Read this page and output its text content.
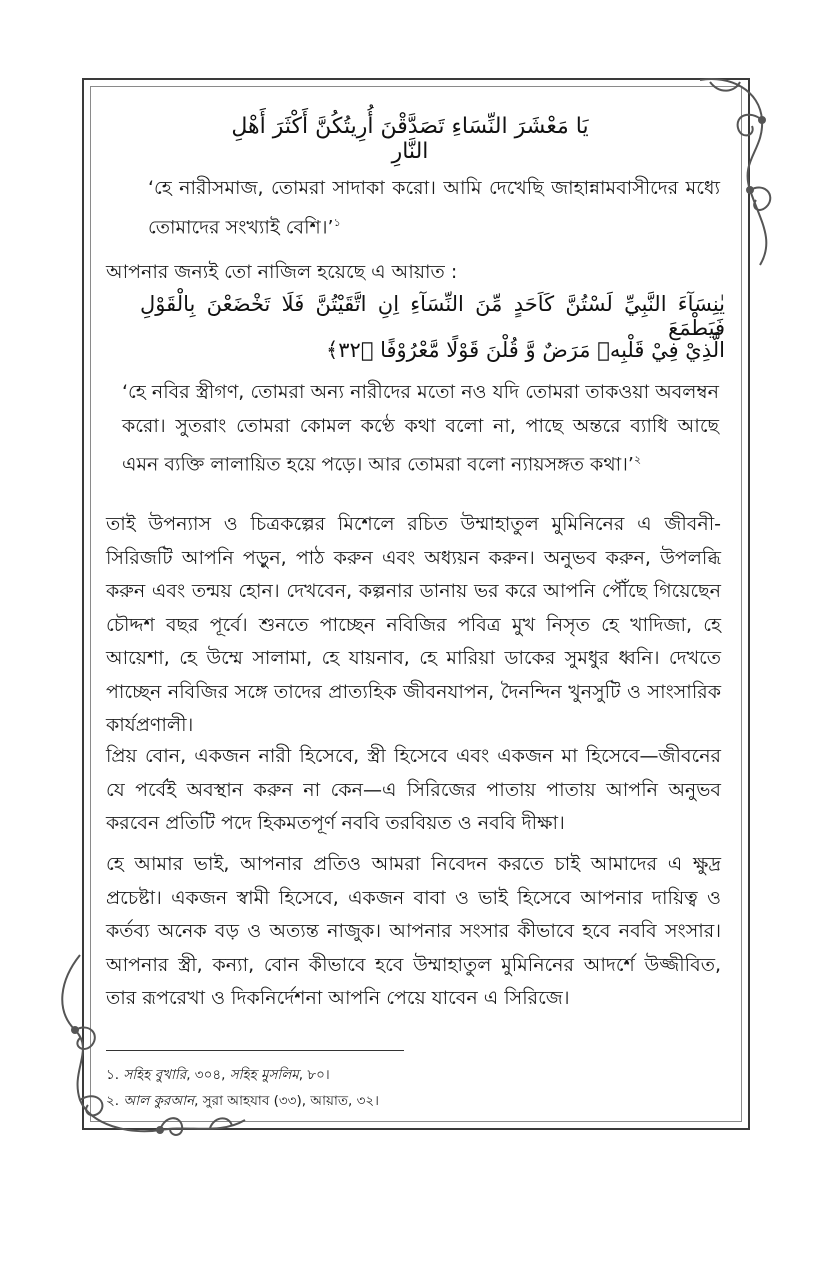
يَا مَعْشَرَ النِّسَاءِ تَصَدَّقْنَ أُرِيتُكُنَّ أَكْثَرَ أَهْلِ النَّارِ
‘হে নারীসমাজ, তোমরা সাদাকা করো। আমি দেখেছি জাহান্নামবাসীদের মধ্যে তোমাদের সংখ্যাই বেশি।’$^১$
আপনার জন্যই তো নাজিল হয়েছে এ আয়াত :
يٰنِسَآءَ النَّبِيِّ لَسْتُنَّ كَاَحَدٍ مِّنَ النِّسَآءِ اِنِ اتَّقَيْتُنَّ فَلَا تَخْضَعْنَ بِالْقَوْلِ فَيَطْمَعَ
الَّذِيْ فِيْ قَلْبِهٖ مَرَضٌ وَّ قُلْنَ قَوْلًا مَّعْرُوْفًا ﴿۳۲﴾
‘হে নবির স্ত্রীগণ, তোমরা অন্য নারীদের মতো নও যদি তোমরা তাকওয়া অবলম্বন করো। সুতরাং তোমরা কোমল কণ্ঠে কথা বলো না, পাছে অন্তরে ব্যাধি আছে এমন ব্যক্তি লালায়িত হয়ে পড়ে। আর তোমরা বলো ন্যায়সঙ্গত কথা।’$^২$
তাই উপন্যাস ও চিত্রকল্পের মিশেলে রচিত উম্মাহাতুল মুমিনিনের এ জীবনী-সিরিজটি আপনি পড়ুন, পাঠ করুন এবং অধ্যয়ন করুন। অনুভব করুন, উপলব্ধি করুন এবং তন্ময় হোন। দেখবেন, কল্পনার ডানায় ভর করে আপনি পৌঁছে গিয়েছেন চৌদ্দশ বছর পূর্বে। শুনতে পাচ্ছেন নবিজির পবিত্র মুখ নিসৃত হে খাদিজা, হে আয়েশা, হে উম্মে সালামা, হে যায়নাব, হে মারিয়া ডাকের সুমধুর ধ্বনি। দেখতে পাচ্ছেন নবিজির সঙ্গে তাদের প্রাত্যহিক জীবনযাপন, দৈনন্দিন খুনসুটি ও সাংসারিক কার্যপ্রণালী।
প্রিয় বোন, একজন নারী হিসেবে, স্ত্রী হিসেবে এবং একজন মা হিসেবে—জীবনের যে পর্বেই অবস্থান করুন না কেন—এ সিরিজের পাতায় পাতায় আপনি অনুভব করবেন প্রতিটি পদে হিকমতপূর্ণ নববি তরবিয়ত ও নববি দীক্ষা।
হে আমার ভাই, আপনার প্রতিও আমরা নিবেদন করতে চাই আমাদের এ ক্ষুদ্র প্রচেষ্টা। একজন স্বামী হিসেবে, একজন বাবা ও ভাই হিসেবে আপনার দায়িত্ব ও কর্তব্য অনেক বড় ও অত্যন্ত নাজুক। আপনার সংসার কীভাবে হবে নববি সংসার। আপনার স্ত্রী, কন্যা, বোন কীভাবে হবে উম্মাহাতুল মুমিনিনের আদর্শে উজ্জীবিত, তার রূপরেখা ও দিকনির্দেশনা আপনি পেয়ে যাবেন এ সিরিজে।
১. সহিহ বুখারি, ৩০৪, সহিহ মুসলিম, ৮০।
২. আল কুরআন, সুরা আহযাব (৩৩), আয়াত, ৩২।
